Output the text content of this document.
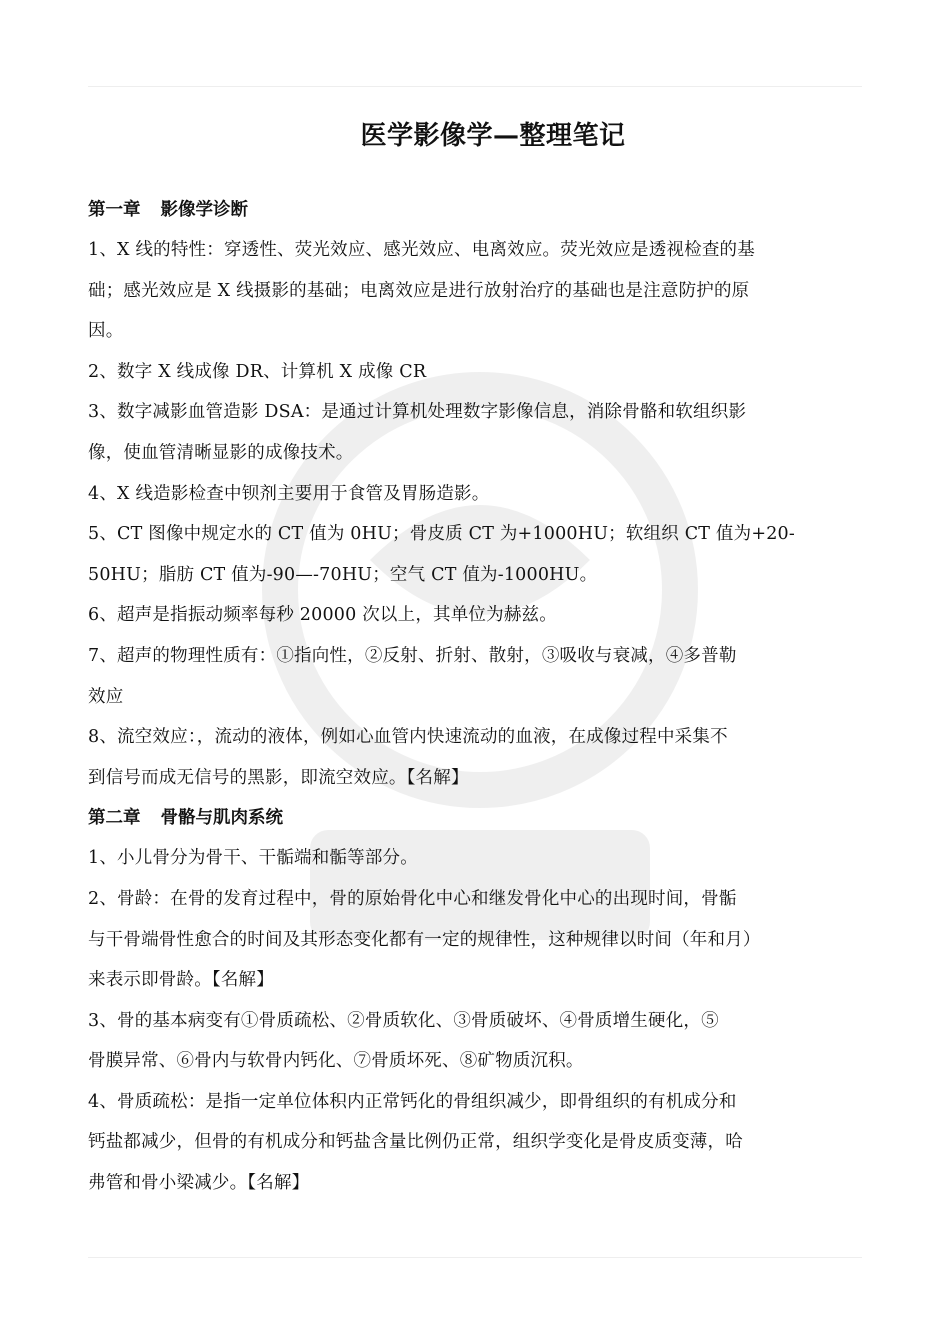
医学影像学—整理笔记
第一章 影像学诊断

1、X 线的特性：穿透性、荧光效应、感光效应、电离效应。荧光效应是透视检查的基
础；感光效应是 X 线摄影的基础；电离效应是进行放射治疗的基础也是注意防护的原
因。

2、数字 X 线成像 DR、计算机 X 成像 CR

3、数字减影血管造影 DSA：是通过计算机处理数字影像信息，消除骨骼和软组织影
像，使血管清晰显影的成像技术。

4、X 线造影检查中钡剂主要用于食管及胃肠造影。

5、CT 图像中规定水的 CT 值为 0HU；骨皮质 CT 为+1000HU；软组织 CT 值为+20-
50HU；脂肪 CT 值为-90—-70HU；空气 CT 值为-1000HU。

6、超声是指振动频率每秒 20000 次以上，其单位为赫兹。

7、超声的物理性质有：①指向性，②反射、折射、散射，③吸收与衰减，④多普勒
效应

8、流空效应：，流动的液体，例如心血管内快速流动的血液，在成像过程中采集不
到信号而成无信号的黑影，即流空效应。【名解】

第二章 骨骼与肌肉系统

1、小儿骨分为骨干、干骺端和骺等部分。

2、骨龄：在骨的发育过程中，骨的原始骨化中心和继发骨化中心的出现时间，骨骺
与干骨端骨性愈合的时间及其形态变化都有一定的规律性，这种规律以时间（年和月）
来表示即骨龄。【名解】

3、骨的基本病变有①骨质疏松、②骨质软化、③骨质破坏、④骨质增生硬化，⑤
骨膜异常、⑥骨内与软骨内钙化、⑦骨质坏死、⑧矿物质沉积。

4、骨质疏松：是指一定单位体积内正常钙化的骨组织减少，即骨组织的有机成分和
钙盐都减少，但骨的有机成分和钙盐含量比例仍正常，组织学变化是骨皮质变薄，哈
弗管和骨小梁减少。【名解】
